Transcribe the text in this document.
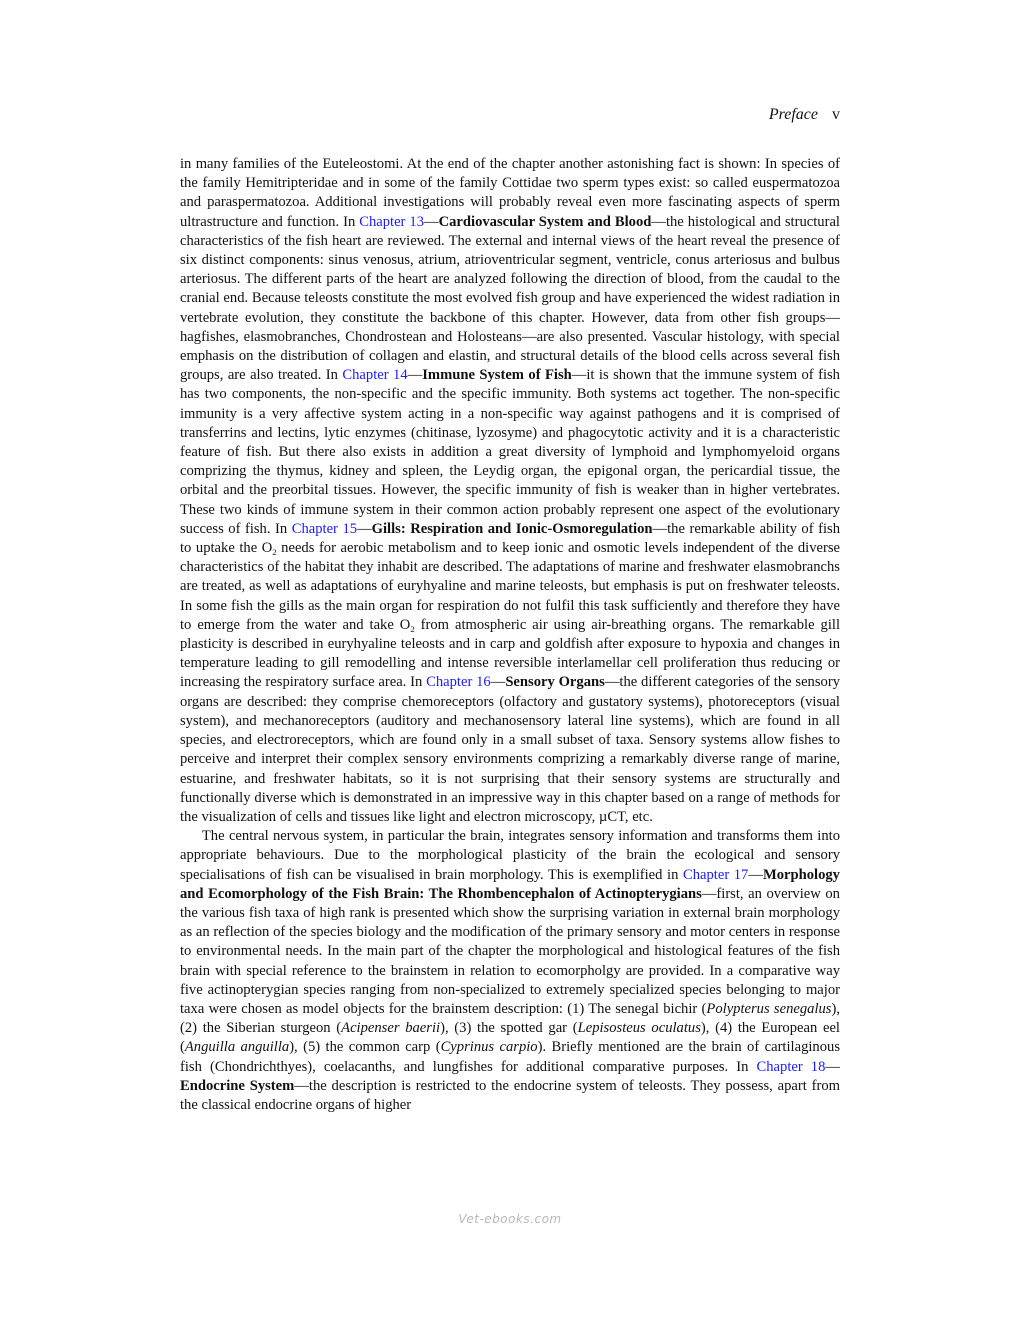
Preface v

in many families of the Euteleostomi. At the end of the chapter another astonishing fact is shown: In species of the family Hemitripteridae and in some of the family Cottidae two sperm types exist: so called euspermatozoa and paraspermatozoa. Additional investigations will probably reveal even more fascinating aspects of sperm ultrastructure and function. In Chapter 13—Cardiovascular System and Blood—the histological and structural characteristics of the fish heart are reviewed. The external and internal views of the heart reveal the presence of six distinct components: sinus venosus, atrium, atrioventricular segment, ventricle, conus arteriosus and bulbus arteriosus. The different parts of the heart are analyzed following the direction of blood, from the caudal to the cranial end. Because teleosts constitute the most evolved fish group and have experienced the widest radiation in vertebrate evolution, they constitute the backbone of this chapter. However, data from other fish groups—hagfishes, elasmobranches, Chondrostean and Holosteans—are also presented. Vascular histology, with special emphasis on the distribution of collagen and elastin, and structural details of the blood cells across several fish groups, are also treated. In Chapter 14—Immune System of Fish—it is shown that the immune system of fish has two components, the non-specific and the specific immunity. Both systems act together. The non-specific immunity is a very affective system acting in a non-specific way against pathogens and it is comprised of transferrins and lectins, lytic enzymes (chitinase, lyzosyme) and phagocytotic activity and it is a characteristic feature of fish. But there also exists in addition a great diversity of lymphoid and lymphomyeloid organs comprizing the thymus, kidney and spleen, the Leydig organ, the epigonal organ, the pericardial tissue, the orbital and the preorbital tissues. However, the specific immunity of fish is weaker than in higher vertebrates. These two kinds of immune system in their common action probably represent one aspect of the evolutionary success of fish. In Chapter 15—Gills: Respiration and Ionic-Osmoregulation—the remarkable ability of fish to uptake the $O_2$ needs for aerobic metabolism and to keep ionic and osmotic levels independent of the diverse characteristics of the habitat they inhabit are described. The adaptations of marine and freshwater elasmobranchs are treated, as well as adaptations of euryhyaline and marine teleosts, but emphasis is put on freshwater teleosts. In some fish the gills as the main organ for respiration do not fulfil this task sufficiently and therefore they have to emerge from the water and take $O_2$ from atmospheric air using air-breathing organs. The remarkable gill plasticity is described in euryhyaline teleosts and in carp and goldfish after exposure to hypoxia and changes in temperature leading to gill remodelling and intense reversible interlamellar cell proliferation thus reducing or increasing the respiratory surface area. In Chapter 16—Sensory Organs—the different categories of the sensory organs are described: they comprise chemoreceptors (olfactory and gustatory systems), photoreceptors (visual system), and mechanoreceptors (auditory and mechanosensory lateral line systems), which are found in all species, and electroreceptors, which are found only in a small subset of taxa. Sensory systems allow fishes to perceive and interpret their complex sensory environments comprizing a remarkably diverse range of marine, estuarine, and freshwater habitats, so it is not surprising that their sensory systems are structurally and functionally diverse which is demonstrated in an impressive way in this chapter based on a range of methods for the visualization of cells and tissues like light and electron microscopy, µCT, etc.

The central nervous system, in particular the brain, integrates sensory information and transforms them into appropriate behaviours. Due to the morphological plasticity of the brain the ecological and sensory specialisations of fish can be visualised in brain morphology. This is exemplified in Chapter 17—Morphology and Ecomorphology of the Fish Brain: The Rhombencephalon of Actinopterygians—first, an overview on the various fish taxa of high rank is presented which show the surprising variation in external brain morphology as an reflection of the species biology and the modification of the primary sensory and motor centers in response to environmental needs. In the main part of the chapter the morphological and histological features of the fish brain with special reference to the brainstem in relation to ecomorpholgy are provided. In a comparative way five actinopterygian species ranging from non-specialized to extremely specialized species belonging to major taxa were chosen as model objects for the brainstem description: (1) The senegal bichir (Polypterus senegalus), (2) the Siberian sturgeon (Acipenser baerii), (3) the spotted gar (Lepisosteus oculatus), (4) the European eel (Anguilla anguilla), (5) the common carp (Cyprinus carpio). Briefly mentioned are the brain of cartilaginous fish (Chondrichthyes), coelacanths, and lungfishes for additional comparative purposes. In Chapter 18—Endocrine System—the description is restricted to the endocrine system of teleosts. They possess, apart from the classical endocrine organs of higher

Vet-ebooks.com
